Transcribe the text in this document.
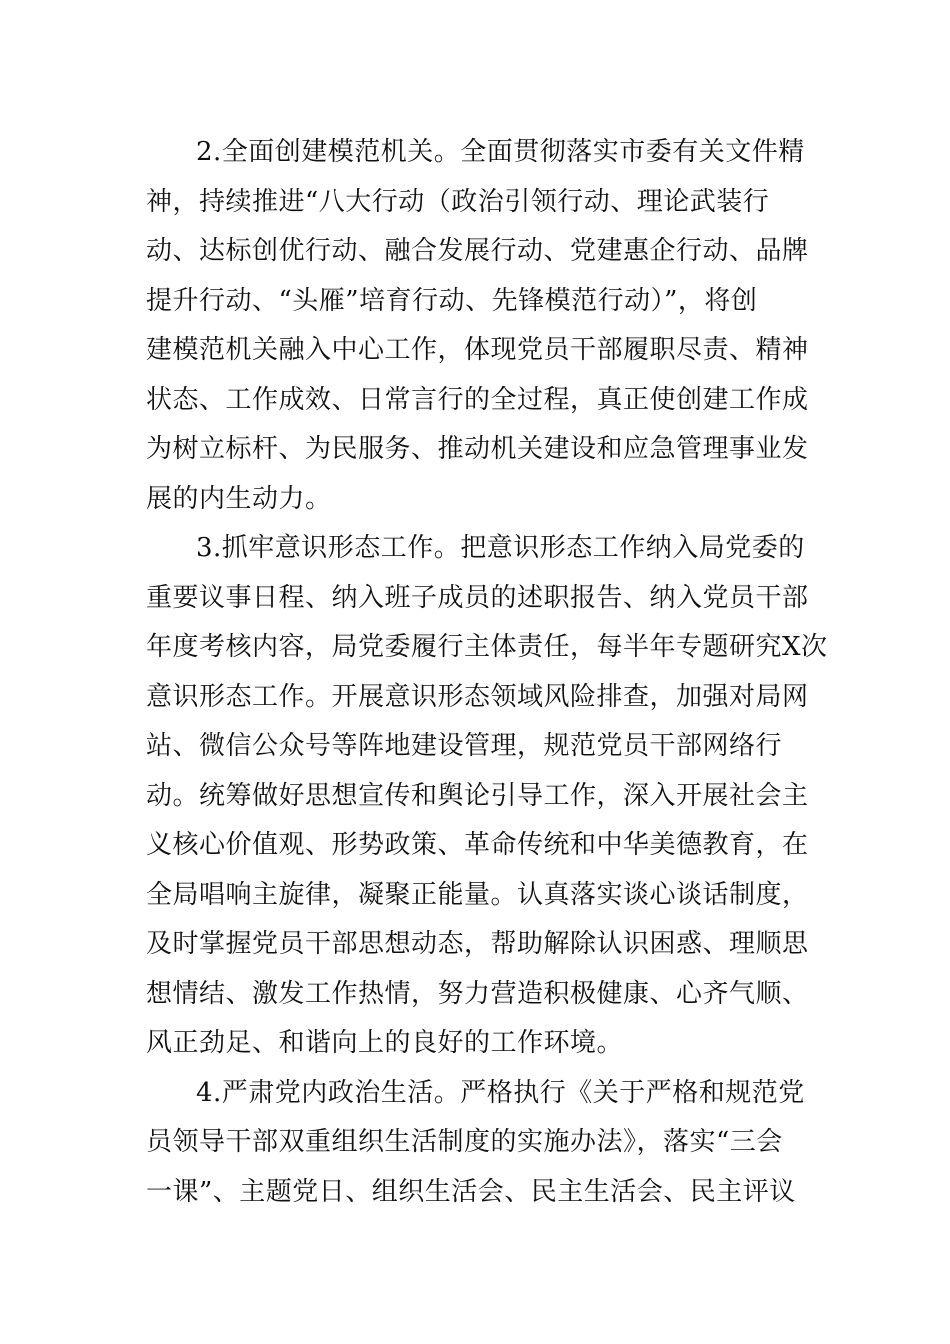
2.全面创建模范机关。全面贯彻落实市委有关文件精
神，持续推进“八大行动（政治引领行动、理论武装行
动、达标创优行动、融合发展行动、党建惠企行动、品牌
提升行动、“头雁”培育行动、先锋模范行动）”，将创
建模范机关融入中心工作，体现党员干部履职尽责、精神
状态、工作成效、日常言行的全过程，真正使创建工作成
为树立标杆、为民服务、推动机关建设和应急管理事业发
展的内生动力。
3.抓牢意识形态工作。把意识形态工作纳入局党委的
重要议事日程、纳入班子成员的述职报告、纳入党员干部
年度考核内容，局党委履行主体责任，每半年专题研究X次
意识形态工作。开展意识形态领域风险排查，加强对局网
站、微信公众号等阵地建设管理，规范党员干部网络行
动。统筹做好思想宣传和舆论引导工作，深入开展社会主
义核心价值观、形势政策、革命传统和中华美德教育，在
全局唱响主旋律，凝聚正能量。认真落实谈心谈话制度，
及时掌握党员干部思想动态，帮助解除认识困惑、理顺思
想情结、激发工作热情，努力营造积极健康、心齐气顺、
风正劲足、和谐向上的良好的工作环境。
4.严肃党内政治生活。严格执行《关于严格和规范党
员领导干部双重组织生活制度的实施办法》，落实“三会
一课”、主题党日、组织生活会、民主生活会、民主评议
